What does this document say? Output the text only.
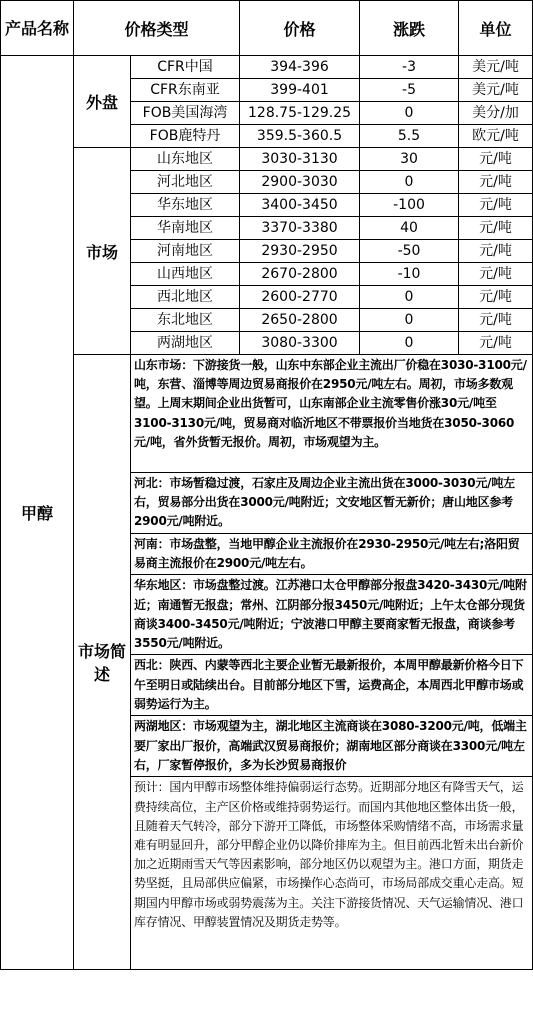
产品名称	价格类型		价格	涨跌	单位
甲醇	外盘	CFR中国	394-396	-3	美元/吨
		CFR东南亚	399-401	-5	美元/吨
		FOB美国海湾	128.75-129.25	0	美分/加
		FOB鹿特丹	359.5-360.5	5.5	欧元/吨
	市场	山东地区	3030-3130	30	元/吨
		河北地区	2900-3030	0	元/吨
		华东地区	3400-3450	-100	元/吨
		华南地区	3370-3380	40	元/吨
		河南地区	2930-2950	-50	元/吨
		山西地区	2670-2800	-10	元/吨
		西北地区	2600-2770	0	元/吨
		东北地区	2650-2800	0	元/吨
		两湖地区	3080-3300	0	元/吨
	市场简述	山东市场：下游接货一般，山东中东部企业主流出厂价稳在3030-3100元/吨，东营、淄博等周边贸易商报价在2950元/吨左右。周初，市场多数观望。上周末期间企业出货暂可，山东南部企业主流零售价涨30元/吨至3100-3130元/吨，贸易商对临沂地区不带票报价当地货在3050-3060元/吨，省外货暂无报价。周初，市场观望为主。			
		河北：市场暂稳过渡，石家庄及周边企业主流出货在3000-3030元/吨左右，贸易部分出货在3000元/吨附近；文安地区暂无新价；唐山地区参考2900元/吨附近。			
		河南：市场盘整，当地甲醇企业主流报价在2930-2950元/吨左右;洛阳贸易商主流报价在2900元/吨左右。			
		华东地区：市场盘整过渡。江苏港口太仓甲醇部分报盘3420-3430元/吨附近；南通暂无报盘；常州、江阴部分报3450元/吨附近；上午太仓部分现货商谈3400-3450元/吨附近；宁波港口甲醇主要商家暂无报盘，商谈参考3550元/吨附近。			
		西北：陕西、内蒙等西北主要企业暂无最新报价，本周甲醇最新价格今日下午至明日或陆续出台。目前部分地区下雪，运费高企，本周西北甲醇市场或弱势运行为主。			
		两湖地区：市场观望为主，湖北地区主流商谈在3080-3200元/吨，低端主要厂家出厂报价，高端武汉贸易商报价；湖南地区部分商谈在3300元/吨左右，厂家暂停报价，多为长沙贸易商报价			
		预计：国内甲醇市场整体维持偏弱运行态势。近期部分地区有降雪天气，运费持续高位，主产区价格或维持弱势运行。而国内其他地区整体出货一般，且随着天气转冷，部分下游开工降低，市场整体采购情绪不高，市场需求量难有明显回升，部分甲醇企业仍以降价排库为主。但目前西北暂未出台新价加之近期雨雪天气等因素影响，部分地区仍以观望为主。港口方面，期货走势坚挺，且局部供应偏紧，市场操作心态尚可，市场局部成交重心走高。短期国内甲醇市场或弱势震荡为主。关注下游接货情况、天气运输情况、港口库存情况、甲醇装置情况及期货走势等。			
